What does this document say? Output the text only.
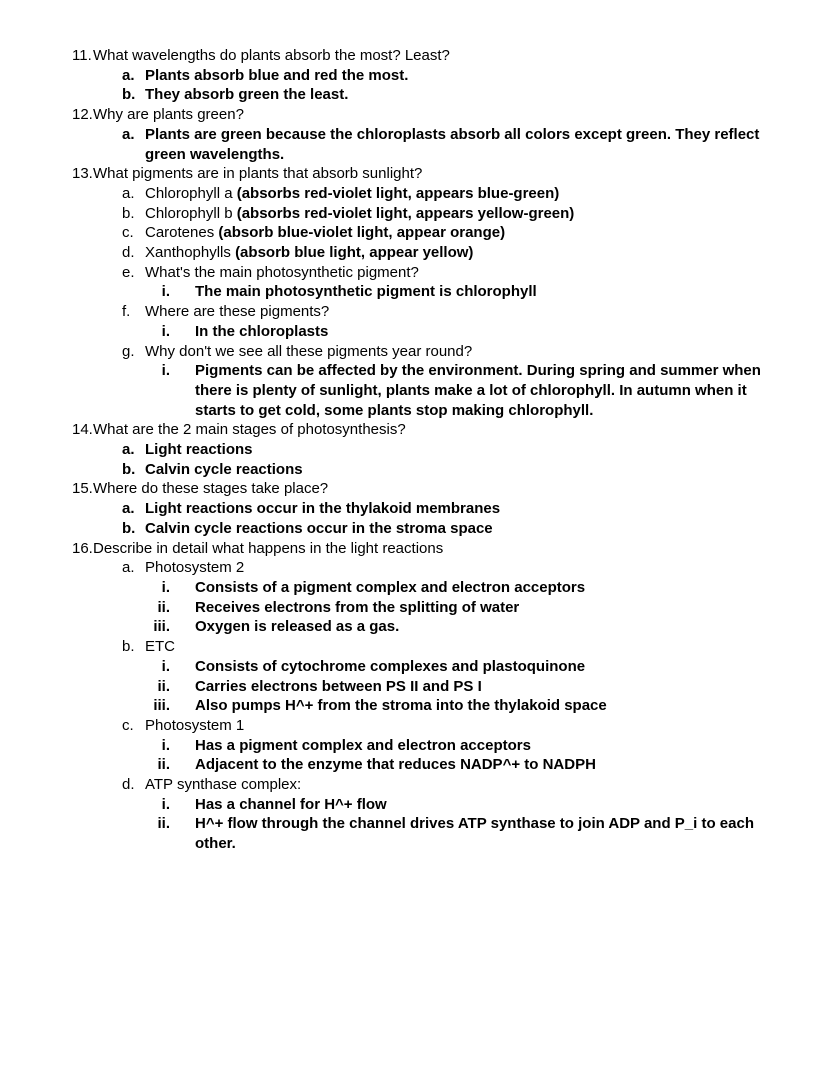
11. What wavelengths do plants absorb the most? Least?
a. Plants absorb blue and red the most.
b. They absorb green the least.
12. Why are plants green?
a. Plants are green because the chloroplasts absorb all colors except green. They reflect green wavelengths.
13. What pigments are in plants that absorb sunlight?
a. Chlorophyll a (absorbs red-violet light, appears blue-green)
b. Chlorophyll b (absorbs red-violet light, appears yellow-green)
c. Carotenes (absorb blue-violet light, appear orange)
d. Xanthophylls (absorb blue light, appear yellow)
e. What's the main photosynthetic pigment?
i. The main photosynthetic pigment is chlorophyll
f. Where are these pigments?
i. In the chloroplasts
g. Why don't we see all these pigments year round?
i. Pigments can be affected by the environment. During spring and summer when there is plenty of sunlight, plants make a lot of chlorophyll. In autumn when it starts to get cold, some plants stop making chlorophyll.
14. What are the 2 main stages of photosynthesis?
a. Light reactions
b. Calvin cycle reactions
15. Where do these stages take place?
a. Light reactions occur in the thylakoid membranes
b. Calvin cycle reactions occur in the stroma space
16. Describe in detail what happens in the light reactions
a. Photosystem 2
i. Consists of a pigment complex and electron acceptors
ii. Receives electrons from the splitting of water
iii. Oxygen is released as a gas.
b. ETC
i. Consists of cytochrome complexes and plastoquinone
ii. Carries electrons between PS II and PS I
iii. Also pumps H^+ from the stroma into the thylakoid space
c. Photosystem 1
i. Has a pigment complex and electron acceptors
ii. Adjacent to the enzyme that reduces NADP^+ to NADPH
d. ATP synthase complex:
i. Has a channel for H^+ flow
ii. H^+ flow through the channel drives ATP synthase to join ADP and P_i to each other.
